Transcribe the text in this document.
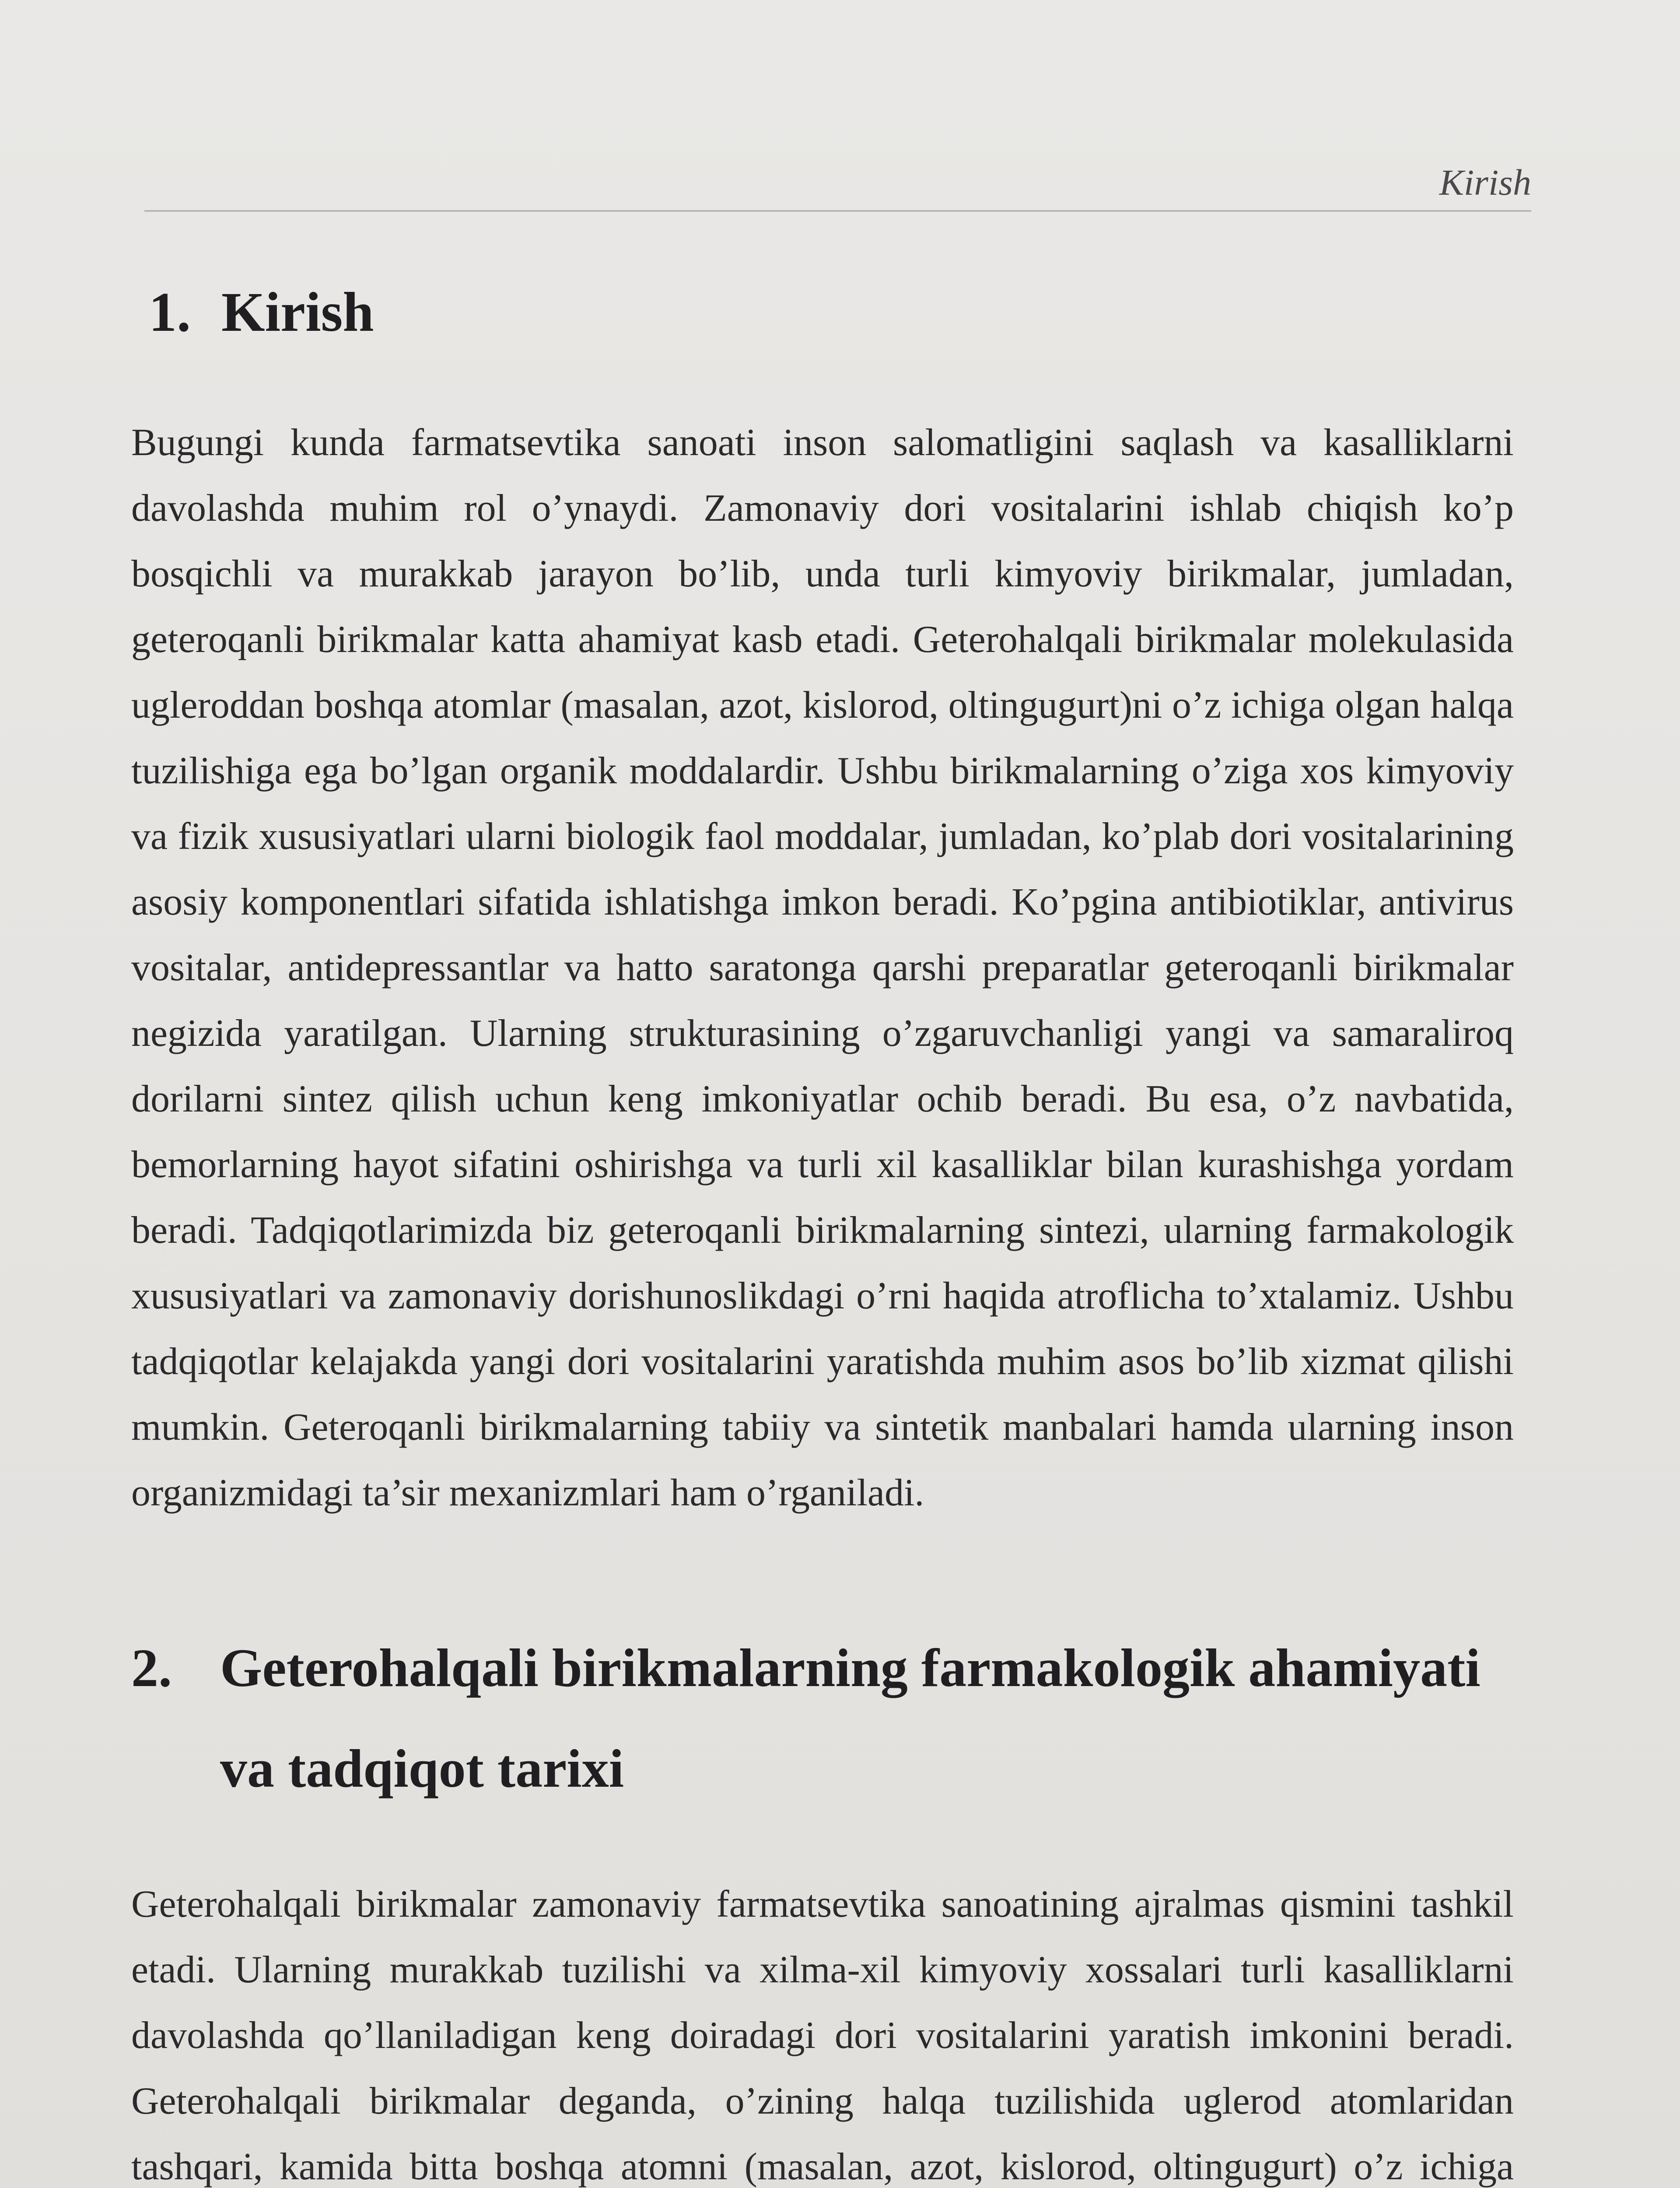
Kirish
1. Kirish

Bugungi kunda farmatsevtika sanoati inson salomatligini saqlash va kasalliklarni davolashda muhim rol o’ynaydi. Zamonaviy dori vositalarini ishlab chiqish ko’p bosqichli va murakkab jarayon bo’lib, unda turli kimyoviy birikmalar, jumladan, geteroqanli birikmalar katta ahamiyat kasb etadi. Geterohalqali birikmalar molekulasida ugleroddan boshqa atomlar (masalan, azot, kislorod, oltingugurt)ni o’z ichiga olgan halqa tuzilishiga ega bo’lgan organik moddalardir. Ushbu birikmalarning o’ziga xos kimyoviy va fizik xususiyatlari ularni biologik faol moddalar, jumladan, ko’plab dori vositalarining asosiy komponentlari sifatida ishlatishga imkon beradi. Ko’pgina antibiotiklar, antivirus vositalar, antidepressantlar va hatto saratonga qarshi preparatlar geteroqanli birikmalar negizida yaratilgan. Ularning strukturasining o’zgaruvchanligi yangi va samaraliroq dorilarni sintez qilish uchun keng imkoniyatlar ochib beradi. Bu esa, o’z navbatida, bemorlarning hayot sifatini oshirishga va turli xil kasalliklar bilan kurashishga yordam beradi. Tadqiqotlarimizda biz geteroqanli birikmalarning sintezi, ularning farmakologik xususiyatlari va zamonaviy dorishunoslikdagi o’rni haqida atroflicha to’xtalamiz. Ushbu tadqiqotlar kelajakda yangi dori vositalarini yaratishda muhim asos bo’lib xizmat qilishi mumkin. Geteroqanli birikmalarning tabiiy va sintetik manbalari hamda ularning inson organizmidagi ta’sir mexanizmlari ham o’rganiladi.

2. Geterohalqali birikmalarning farmakologik ahamiyati va tadqiqot tarixi

Geterohalqali birikmalar zamonaviy farmatsevtika sanoatining ajralmas qismini tashkil etadi. Ularning murakkab tuzilishi va xilma-xil kimyoviy xossalari turli kasalliklarni davolashda qo’llaniladigan keng doiradagi dori vositalarini yaratish imkonini beradi. Geterohalqali birikmalar deganda, o’zining halqa tuzilishida uglerod atomlaridan tashqari, kamida bitta boshqa atomni (masalan, azot, kislorod, oltingugurt) o’z ichiga
